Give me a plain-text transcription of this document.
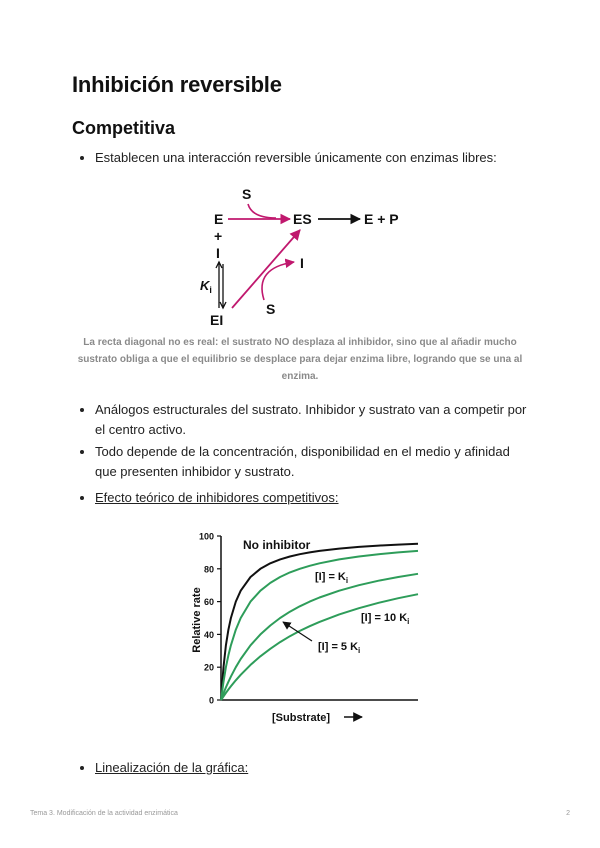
Inhibición reversible
Competitiva
Establecen una interacción reversible únicamente con enzimas libres:
S
E	ES	E + P
+
I
$K_i$
I
S
EI
La recta diagonal no es real: el sustrato NO desplaza al inhibidor, sino que al añadir mucho sustrato obliga a que el equilibrio se desplace para dejar enzima libre, logrando que se una al enzima.
Análogos estructurales del sustrato. Inhibidor y sustrato van a competir por el centro activo.
Todo depende de la concentración, disponibilidad en el medio y afinidad que presenten inhibidor y sustrato.
Efecto teórico de inhibidores competitivos:
0
20
40
60
80
100
Relative rate
[Substrate]
No inhibitor
$[I] = K_i$
[I] = 10 $K_i$
[I] = 5 $K_i$
Linealización de la gráfica:
Tema 3. Modificación de la actividad enzimática	2
